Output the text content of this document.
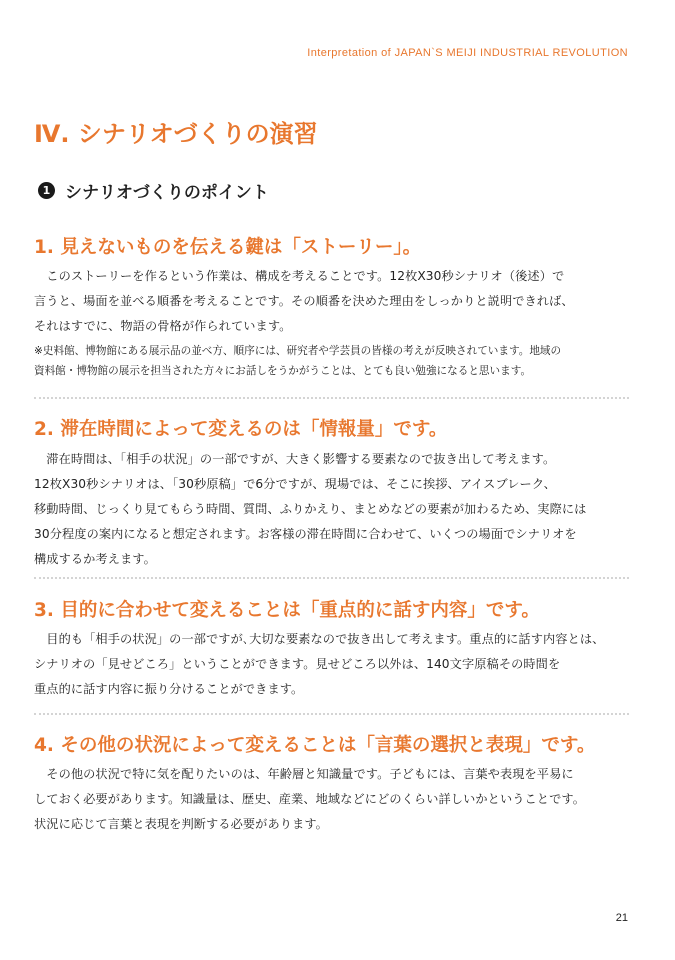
Interpretation of JAPAN`S MEIJI INDUSTRIAL REVOLUTION
Ⅳ. シナリオづくりの演習
1 シナリオづくりのポイント
1. 見えないものを伝える鍵は「ストーリー」。

　このストーリーを作るという作業は、構成を考えることです。12枚X30秒シナリオ（後述）で
言うと、場面を並べる順番を考えることです。その順番を決めた理由をしっかりと説明できれば、
それはすでに、物語の骨格が作られています。

※史料館、博物館にある展示品の並べ方、順序には、研究者や学芸員の皆様の考えが反映されています。地域の
資料館・博物館の展示を担当された方々にお話しをうかがうことは、とても良い勉強になると思います。

2. 滞在時間によって変えるのは「情報量」です。

　滞在時間は、「相手の状況」の一部ですが、大きく影響する要素なので抜き出して考えます。
12枚X30秒シナリオは、「30秒原稿」で6分ですが、現場では、そこに挨拶、アイスブレーク、
移動時間、じっくり見てもらう時間、質問、ふりかえり、まとめなどの要素が加わるため、実際には
30分程度の案内になると想定されます。お客様の滞在時間に合わせて、いくつの場面でシナリオを
構成するか考えます。

3. 目的に合わせて変えることは「重点的に話す内容」です。

　目的も「相手の状況」の一部ですが､大切な要素なので抜き出して考えます。重点的に話す内容とは、
シナリオの「見せどころ」ということができます。見せどころ以外は、140文字原稿その時間を
重点的に話す内容に振り分けることができます。

4. その他の状況によって変えることは「言葉の選択と表現」です。

　その他の状況で特に気を配りたいのは、年齢層と知識量です。子どもには、言葉や表現を平易に
しておく必要があります。知識量は、歴史、産業、地域などにどのくらい詳しいかということです。
状況に応じて言葉と表現を判断する必要があります。

21
